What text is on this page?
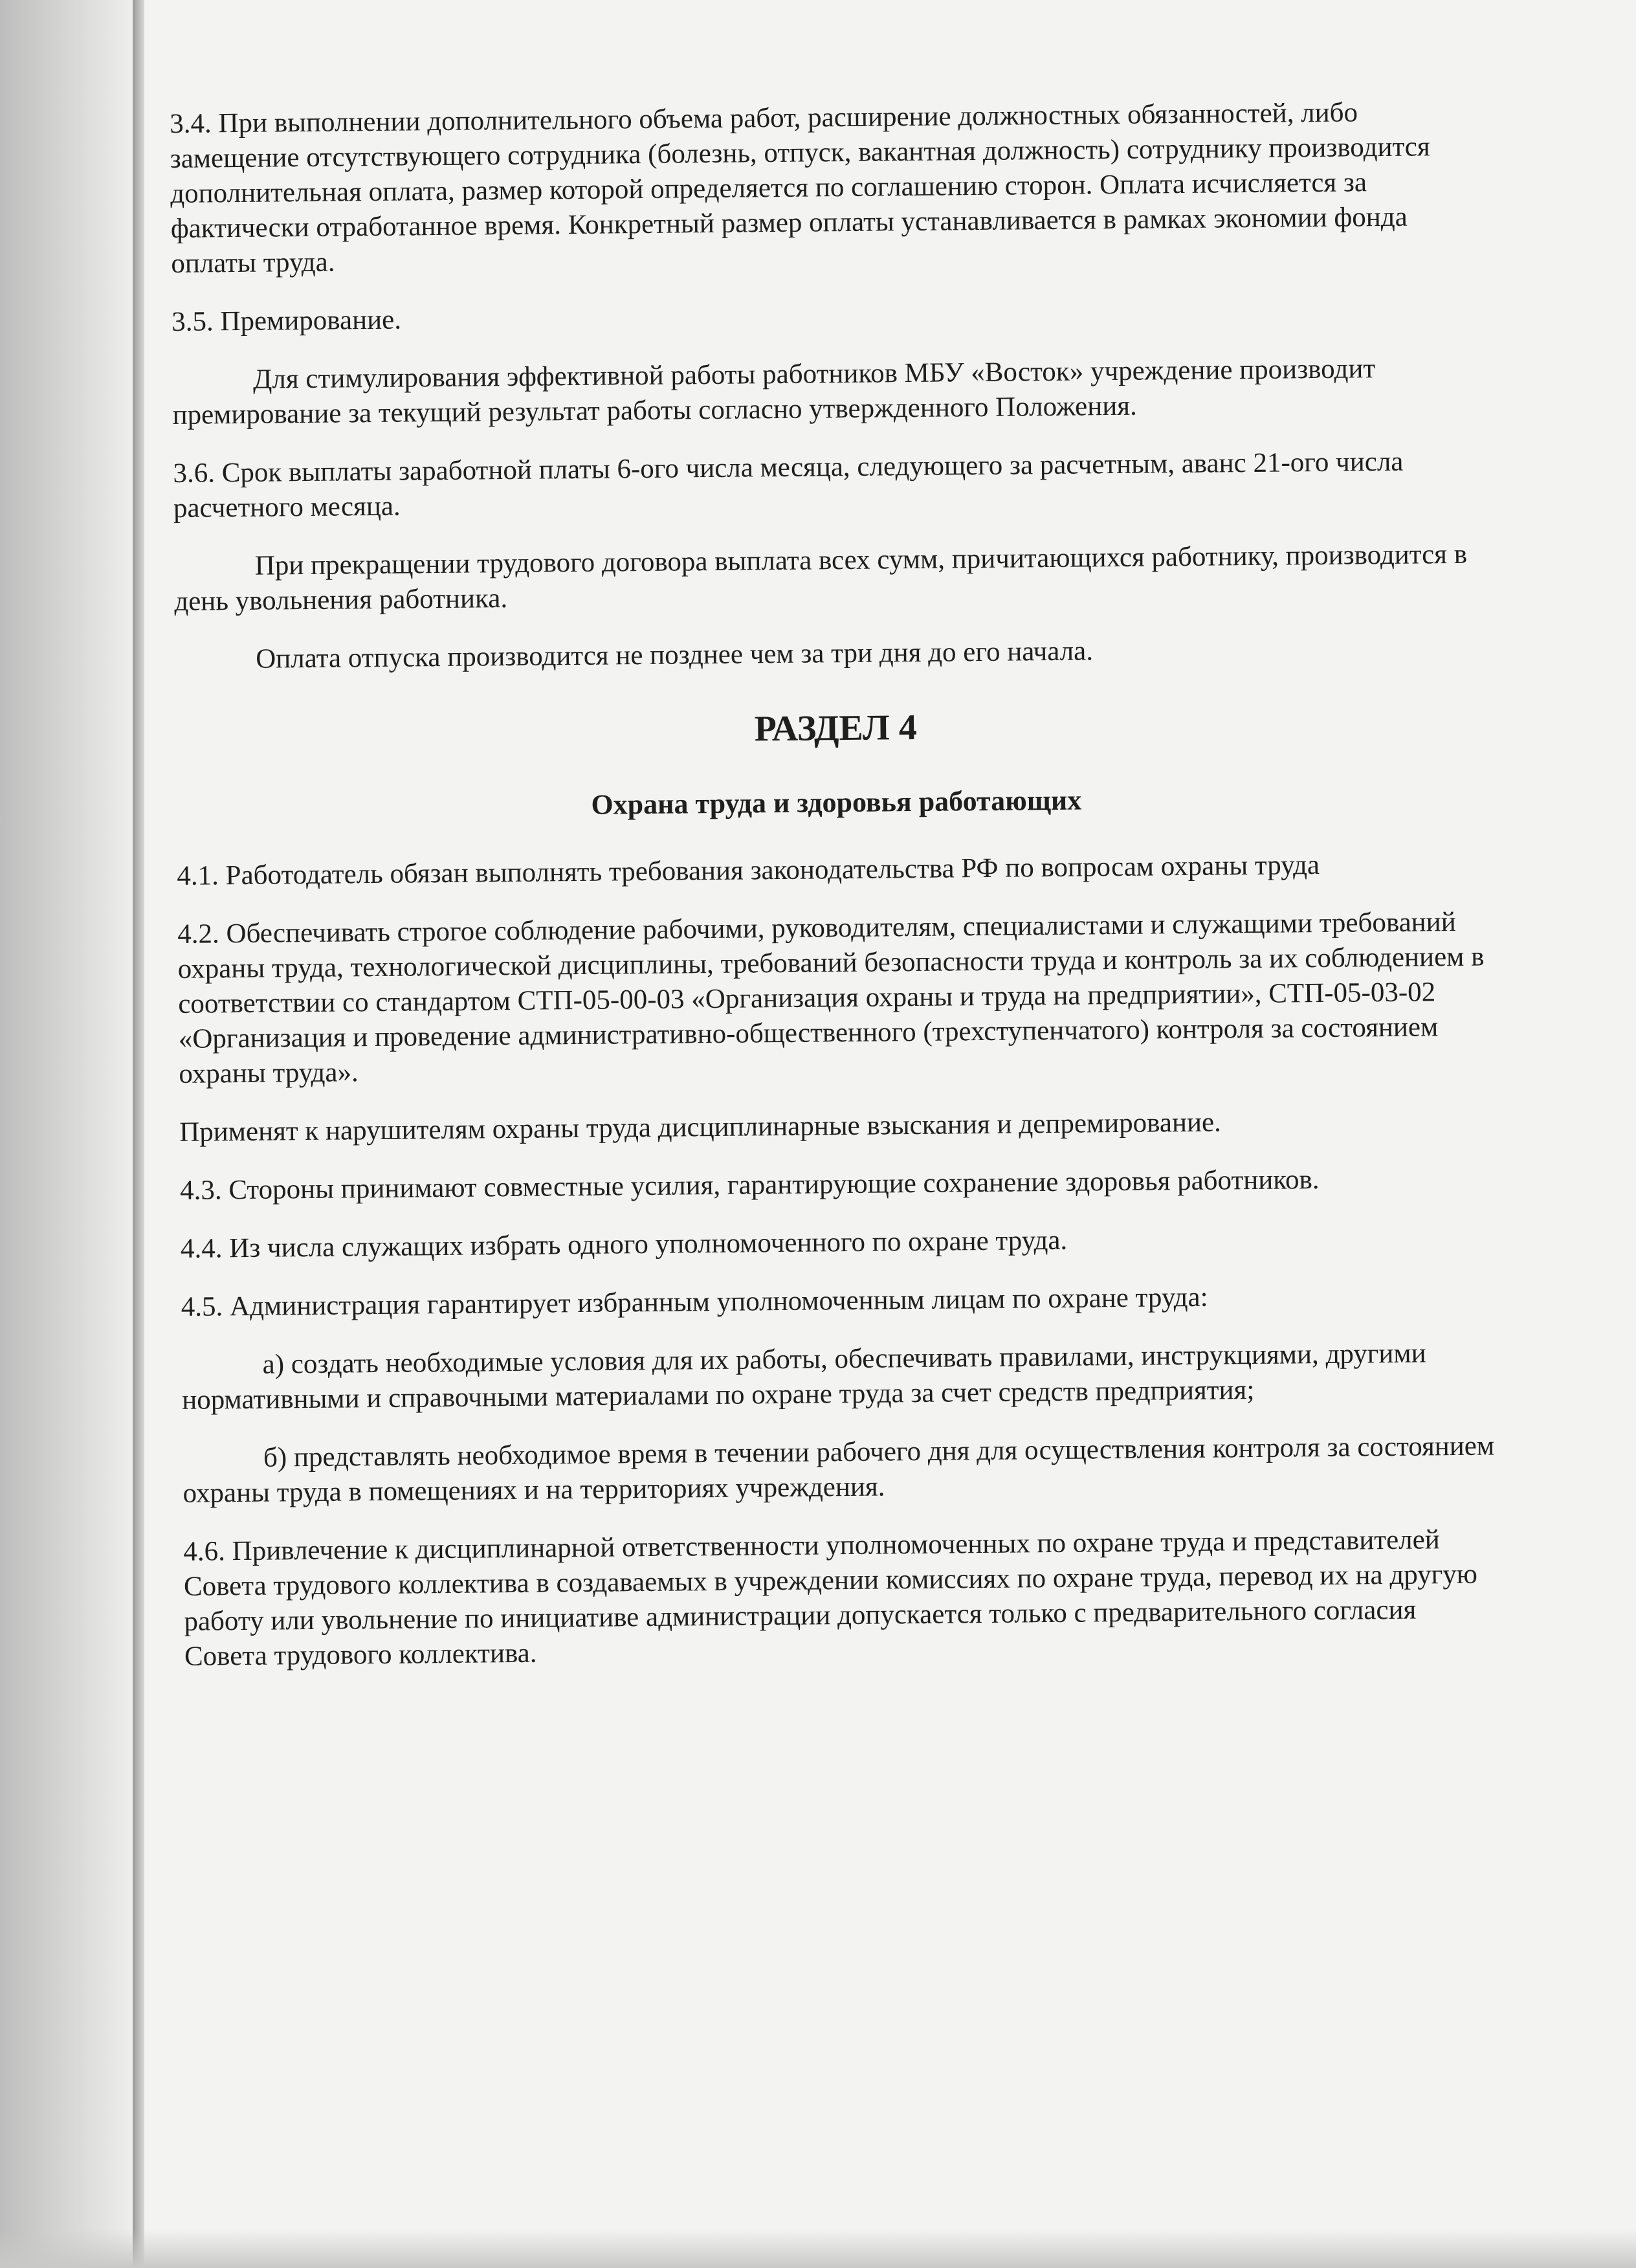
3.4. При выполнении дополнительного объема работ, расширение должностных обязанностей, либо замещение отсутствующего сотрудника (болезнь, отпуск, вакантная должность) сотруднику производится дополнительная оплата, размер которой определяется по соглашению сторон. Оплата исчисляется за фактически отработанное время. Конкретный размер оплаты устанавливается в рамках экономии фонда оплаты труда.

3.5. Премирование.

Для стимулирования эффективной работы работников МБУ «Восток» учреждение производит премирование за текущий результат работы согласно утвержденного Положения.

3.6. Срок выплаты заработной платы 6-ого числа месяца, следующего за расчетным, аванс 21-ого числа расчетного месяца.

При прекращении трудового договора выплата всех сумм, причитающихся работнику, производится в день увольнения работника.

Оплата отпуска производится не позднее чем за три дня до его начала.

РАЗДЕЛ 4
Охрана труда и здоровья работающих

4.1. Работодатель обязан выполнять требования законодательства РФ по вопросам охраны труда

4.2. Обеспечивать строгое соблюдение рабочими, руководителям, специалистами и служащими требований охраны труда, технологической дисциплины, требований безопасности труда и контроль за их соблюдением в соответствии со стандартом СТП-05-00-03 «Организация охраны и труда на предприятии», СТП-05-03-02 «Организация и проведение административно-общественного (трехступенчатого) контроля за состоянием охраны труда».

Применят к нарушителям охраны труда дисциплинарные взыскания и депремирование.

4.3. Стороны принимают совместные усилия, гарантирующие сохранение здоровья работников.

4.4. Из числа служащих избрать одного уполномоченного по охране труда.

4.5. Администрация гарантирует избранным уполномоченным лицам по охране труда:

а) создать необходимые условия для их работы, обеспечивать правилами, инструкциями, другими нормативными и справочными материалами по охране труда за счет средств предприятия;

б) представлять необходимое время в течении рабочего дня для осуществления контроля за состоянием охраны труда в помещениях и на территориях учреждения.

4.6. Привлечение к дисциплинарной ответственности уполномоченных по охране труда и представителей Совета трудового коллектива в создаваемых в учреждении комиссиях по охране труда, перевод их на другую работу или увольнение по инициативе администрации допускается только с предварительного согласия Совета трудового коллектива.
